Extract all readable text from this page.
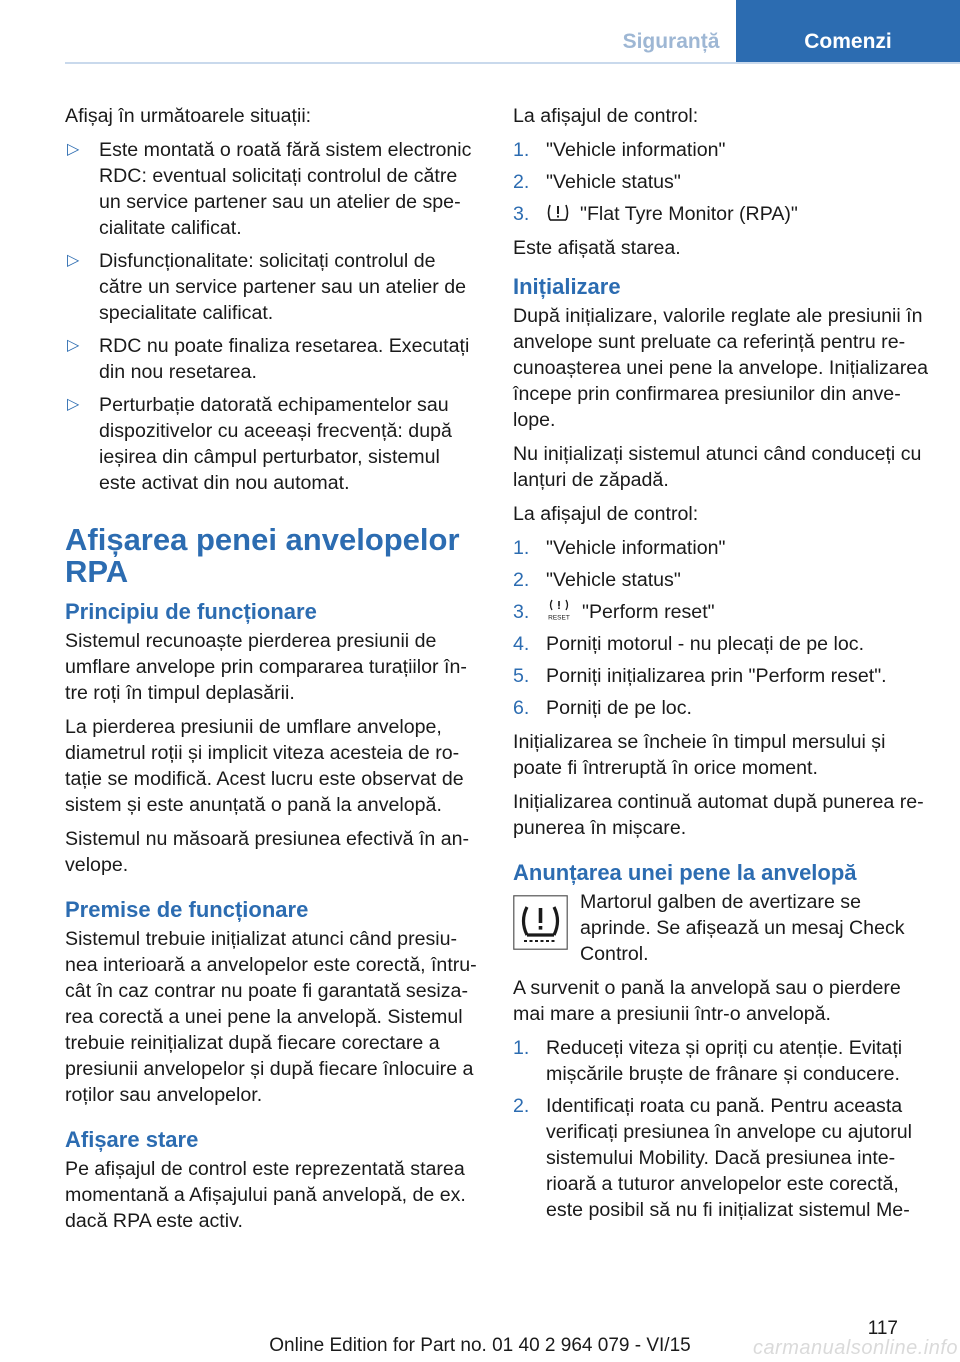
Siguranță	Comenzi

Afișaj în următoarele situații:

▷ Este montată o roată fără sistem electronic RDC: eventual solicitați controlul de către un service partener sau un atelier de spe-cialitate calificat.
▷ Disfuncționalitate: solicitați controlul de către un service partener sau un atelier de specialitate calificat.
▷ RDC nu poate finaliza resetarea. Executați din nou resetarea.
▷ Perturbație datorată echipamentelor sau dispozitivelor cu aceeași frecvență: după ieșirea din câmpul perturbator, sistemul este activat din nou automat.
Afișarea penei anvelopelor RPA
Principiu de funcționare

Sistemul recunoaște pierderea presiunii de umflare anvelope prin compararea turațiilor în-tre roți în timpul deplasării.

La pierderea presiunii de umflare anvelope, diametrul roții și implicit viteza acesteia de ro-tație se modifică. Acest lucru este observat de sistem și este anunțată o pană la anvelopă.

Sistemul nu măsoară presiunea efectivă în an-velope.

Premise de funcționare

Sistemul trebuie inițializat atunci când presiu-nea interioară a anvelopelor este corectă, întru-cât în caz contrar nu poate fi garantată sesiza-rea corectă a unei pene la anvelopă. Sistemul trebuie reinițializat după fiecare corectare a presiunii anvelopelor și după fiecare înlocuire a roților sau anvelopelor.

Afișare stare

Pe afișajul de control este reprezentată starea momentană a Afișajului pană anvelopă, de ex. dacă RPA este activ.

La afișajul de control:

1. "Vehicle information"
2. "Vehicle status"
3.	"Flat Tyre Monitor (RPA)"

Este afișată starea.

Inițializare

După inițializare, valorile reglate ale presiunii în anvelope sunt preluate ca referință pentru re-cunoașterea unei pene la anvelope. Inițializarea începe prin confirmarea presiunilor din anve-lope.

Nu inițializați sistemul atunci când conduceți cu lanțuri de zăpadă.

La afișajul de control:

1. "Vehicle information"
2. "Vehicle status"
3.	RESET "Perform reset"
4. Porniți motorul - nu plecați de pe loc.
5. Porniți inițializarea prin "Perform reset".
6. Porniți de pe loc.

Inițializarea se încheie în timpul mersului și poate fi întreruptă în orice moment.

Inițializarea continuă automat după punerea re-punerea în mișcare.

Anunțarea unei pene la anvelopă
Martorul galben de avertizare se aprinde. Se afișează un mesaj Check Control.

A survenit o pană la anvelopă sau o pierdere mai mare a presiunii într-o anvelopă.

1. Reduceți viteza și opriți cu atenție. Evitați mișcările bruște de frânare și conducere.
2. Identificați roata cu pană. Pentru aceasta verificați presiunea în anvelope cu ajutorul sistemului Mobility. Dacă presiunea inte-rioară a tuturor anvelopelor este corectă, este posibil să nu fi inițializat sistemul Me-
117
Online Edition for Part no. 01 40 2 964 079 - VI/15	carmanualsonline.info
